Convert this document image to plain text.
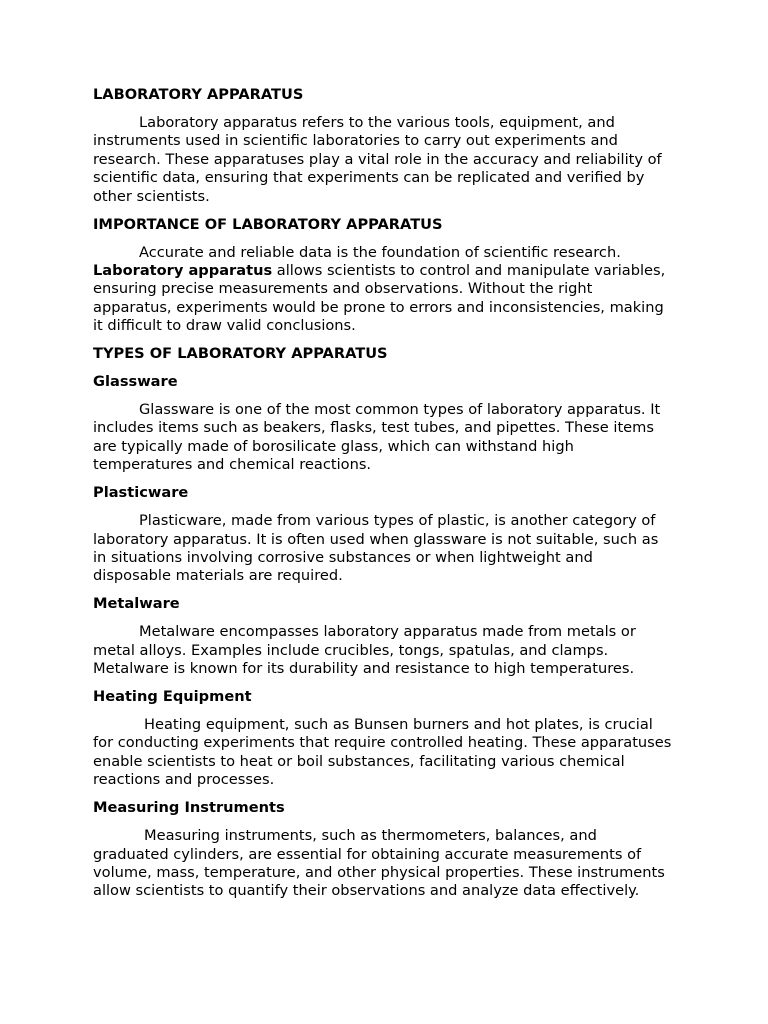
LABORATORY APPARATUS

Laboratory apparatus refers to the various tools, equipment, and instruments used in scientific laboratories to carry out experiments and research. These apparatuses play a vital role in the accuracy and reliability of scientific data, ensuring that experiments can be replicated and verified by other scientists.

IMPORTANCE OF LABORATORY APPARATUS

Accurate and reliable data is the foundation of scientific research. Laboratory apparatus allows scientists to control and manipulate variables, ensuring precise measurements and observations. Without the right apparatus, experiments would be prone to errors and inconsistencies, making it difficult to draw valid conclusions.

TYPES OF LABORATORY APPARATUS
Glassware

Glassware is one of the most common types of laboratory apparatus. It includes items such as beakers, flasks, test tubes, and pipettes. These items are typically made of borosilicate glass, which can withstand high temperatures and chemical reactions.

Plasticware

Plasticware, made from various types of plastic, is another category of laboratory apparatus. It is often used when glassware is not suitable, such as in situations involving corrosive substances or when lightweight and disposable materials are required.

Metalware

Metalware encompasses laboratory apparatus made from metals or metal alloys. Examples include crucibles, tongs, spatulas, and clamps. Metalware is known for its durability and resistance to high temperatures.

Heating Equipment

Heating equipment, such as Bunsen burners and hot plates, is crucial for conducting experiments that require controlled heating. These apparatuses enable scientists to heat or boil substances, facilitating various chemical reactions and processes.

Measuring Instruments

Measuring instruments, such as thermometers, balances, and graduated cylinders, are essential for obtaining accurate measurements of volume, mass, temperature, and other physical properties. These instruments allow scientists to quantify their observations and analyze data effectively.
